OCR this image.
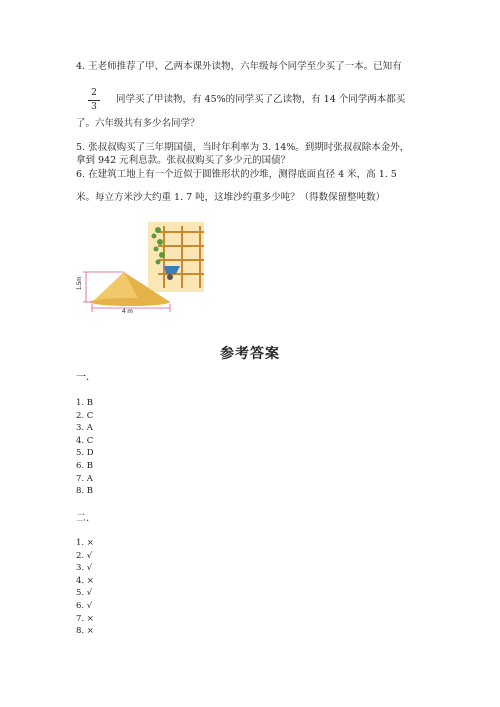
4. 王老师推荐了甲、乙两本课外读物，六年级每个同学至少买了一本。已知有
2
3
同学买了甲读物，有 45%的同学买了乙读物，有 14 个同学两本都买
了。六年级共有多少名同学？
5. 张叔叔购买了三年期国债，当时年利率为 3. 14%。到期时张叔叔除本金外，
拿到 942 元利息款。张叔叔购买了多少元的国债？
6. 在建筑工地上有一个近似于圆锥形状的沙堆，测得底面直径 4 米，高 1. 5
米。每立方米沙大约重 1. 7 吨，这堆沙约重多少吨？（得数保留整吨数）
1.5m
4 m
参考答案
一.
1. B
2. C
3. A
4. C
5. D
6. B
7. A
8. B
二.
1. ×
2. √
3. √
4. ×
5. √
6. √
7. ×
8. ×
